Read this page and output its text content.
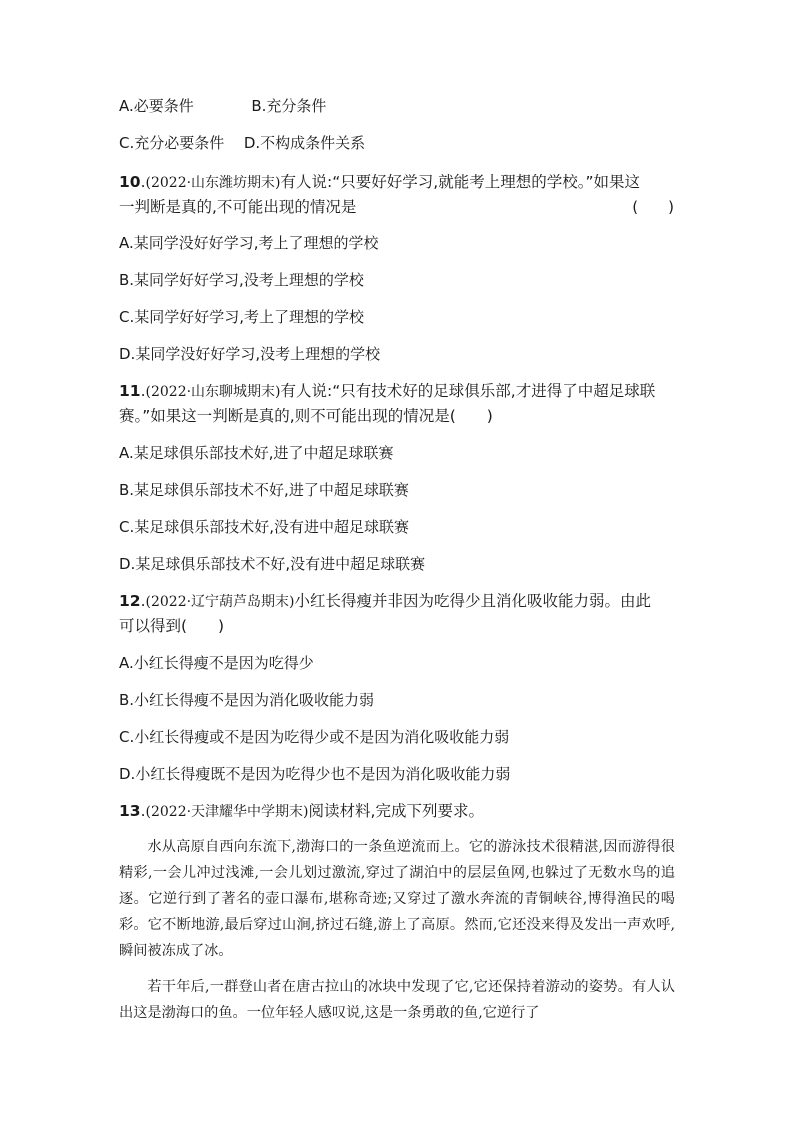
A.必要条件	B.充分条件
C.充分必要条件 D.不构成条件关系
10.(2022·山东潍坊期末)有人说:“只要好好学习,就能考上理想的学校。”如果这
一判断是真的,不可能出现的情况是	(　　)
A.某同学没好好学习,考上了理想的学校
B.某同学好好学习,没考上理想的学校
C.某同学好好学习,考上了理想的学校
D.某同学没好好学习,没考上理想的学校
11.(2022·山东聊城期末)有人说:“只有技术好的足球俱乐部,才进得了中超足球联
赛。”如果这一判断是真的,则不可能出现的情况是(　　)
A.某足球俱乐部技术好,进了中超足球联赛
B.某足球俱乐部技术不好,进了中超足球联赛
C.某足球俱乐部技术好,没有进中超足球联赛
D.某足球俱乐部技术不好,没有进中超足球联赛
12.(2022·辽宁葫芦岛期末)小红长得瘦并非因为吃得少且消化吸收能力弱。由此
可以得到(　　)
A.小红长得瘦不是因为吃得少
B.小红长得瘦不是因为消化吸收能力弱
C.小红长得瘦或不是因为吃得少或不是因为消化吸收能力弱
D.小红长得瘦既不是因为吃得少也不是因为消化吸收能力弱
13.(2022·天津耀华中学期末)阅读材料,完成下列要求。

水从高原自西向东流下,渤海口的一条鱼逆流而上。它的游泳技术很精湛,因而游得很精彩,一会儿冲过浅滩,一会儿划过激流,穿过了湖泊中的层层鱼网,也躲过了无数水鸟的追逐。它逆行到了著名的壶口瀑布,堪称奇迹;又穿过了激水奔流的青铜峡谷,博得渔民的喝彩。它不断地游,最后穿过山涧,挤过石缝,游上了高原。然而,它还没来得及发出一声欢呼,瞬间被冻成了冰。

若干年后,一群登山者在唐古拉山的冰块中发现了它,它还保持着游动的姿势。有人认出这是渤海口的鱼。一位年轻人感叹说,这是一条勇敢的鱼,它逆行了
